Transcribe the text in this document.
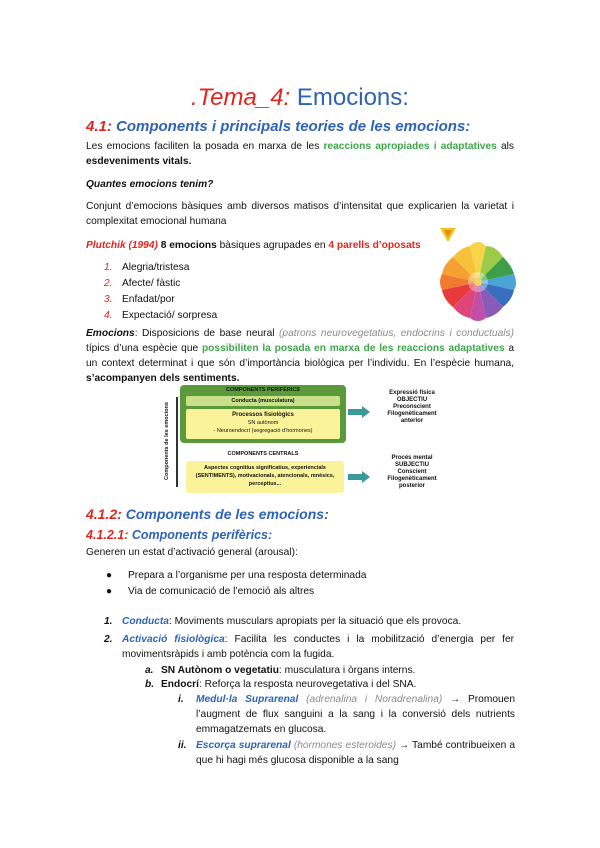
.Tema_4: Emocions:
4.1: Components i principals teories de les emocions:
Les emocions faciliten la posada en marxa de les reaccions apropiades i adaptatives als esdeveniments vitals.
Quantes emocions tenim?
Conjunt d’emocions bàsiques amb diversos matisos d’intensitat que explicarien la varietat i complexitat emocional humana
Plutchik (1994) 8 emocions bàsiques agrupades en 4 parells d’oposats
1. Alegria/tristesa
2. Afecte/ fàstic
3. Enfadat/por
4. Expectació/ sorpresa
Emocions: Disposicions de base neural (patrons neurovegetatius, endocrins i conductuals) típics d’una espècie que possibiliten la posada en marxa de les reaccions adaptatives a un context determinat i que són d’importància biològica per l’individu. En l’espècie humana, s’acompanyen dels sentiments.
Components de les emocions
COMPONENTS PERIFÈRICS
Conducta (musculatura)
Processos fisiològics
SN autònom
- Neuroendocrí (segregació d’hormones)
Expressió física
OBJECTIU
Preconscient
Filogenèticament
anterior
COMPONENTS CENTRALS
Aspectes cognitius significatius, experiencials (SENTIMENTS), motivacionals, atencionals, mnèsics, perceptius...
Procés mental
SUBJECTIU
Conscient
Filogenèticament
posterior
4.1.2: Components de les emocions:
4.1.2.1: Components perifèrics:
Generen un estat d’activació general (arousal):
● Prepara a l’organisme per una resposta determinada
● Via de comunicació de l’emoció als altres
1. Conducta: Moviments musculars apropiats per la situació que els provoca.
2. Activació fisiològica: Facilita les conductes i la mobilització d’energia per fer movimentsràpids i amb potència com la fugida.
a. SN Autònom o vegetatiu: musculatura i òrgans interns.
b. Endocrí: Reforça la resposta neurovegetativa i del SNA.
i. Medul·la Suprarenal (adrenalina i Noradrenalina) → Promouen l’augment de flux sanguini a la sang i la conversió dels nutrients emmagatzemats en glucosa.
ii. Escorça suprarenal (hormones esteroides) → També contribueixen a que hi hagi més glucosa disponible a la sang
